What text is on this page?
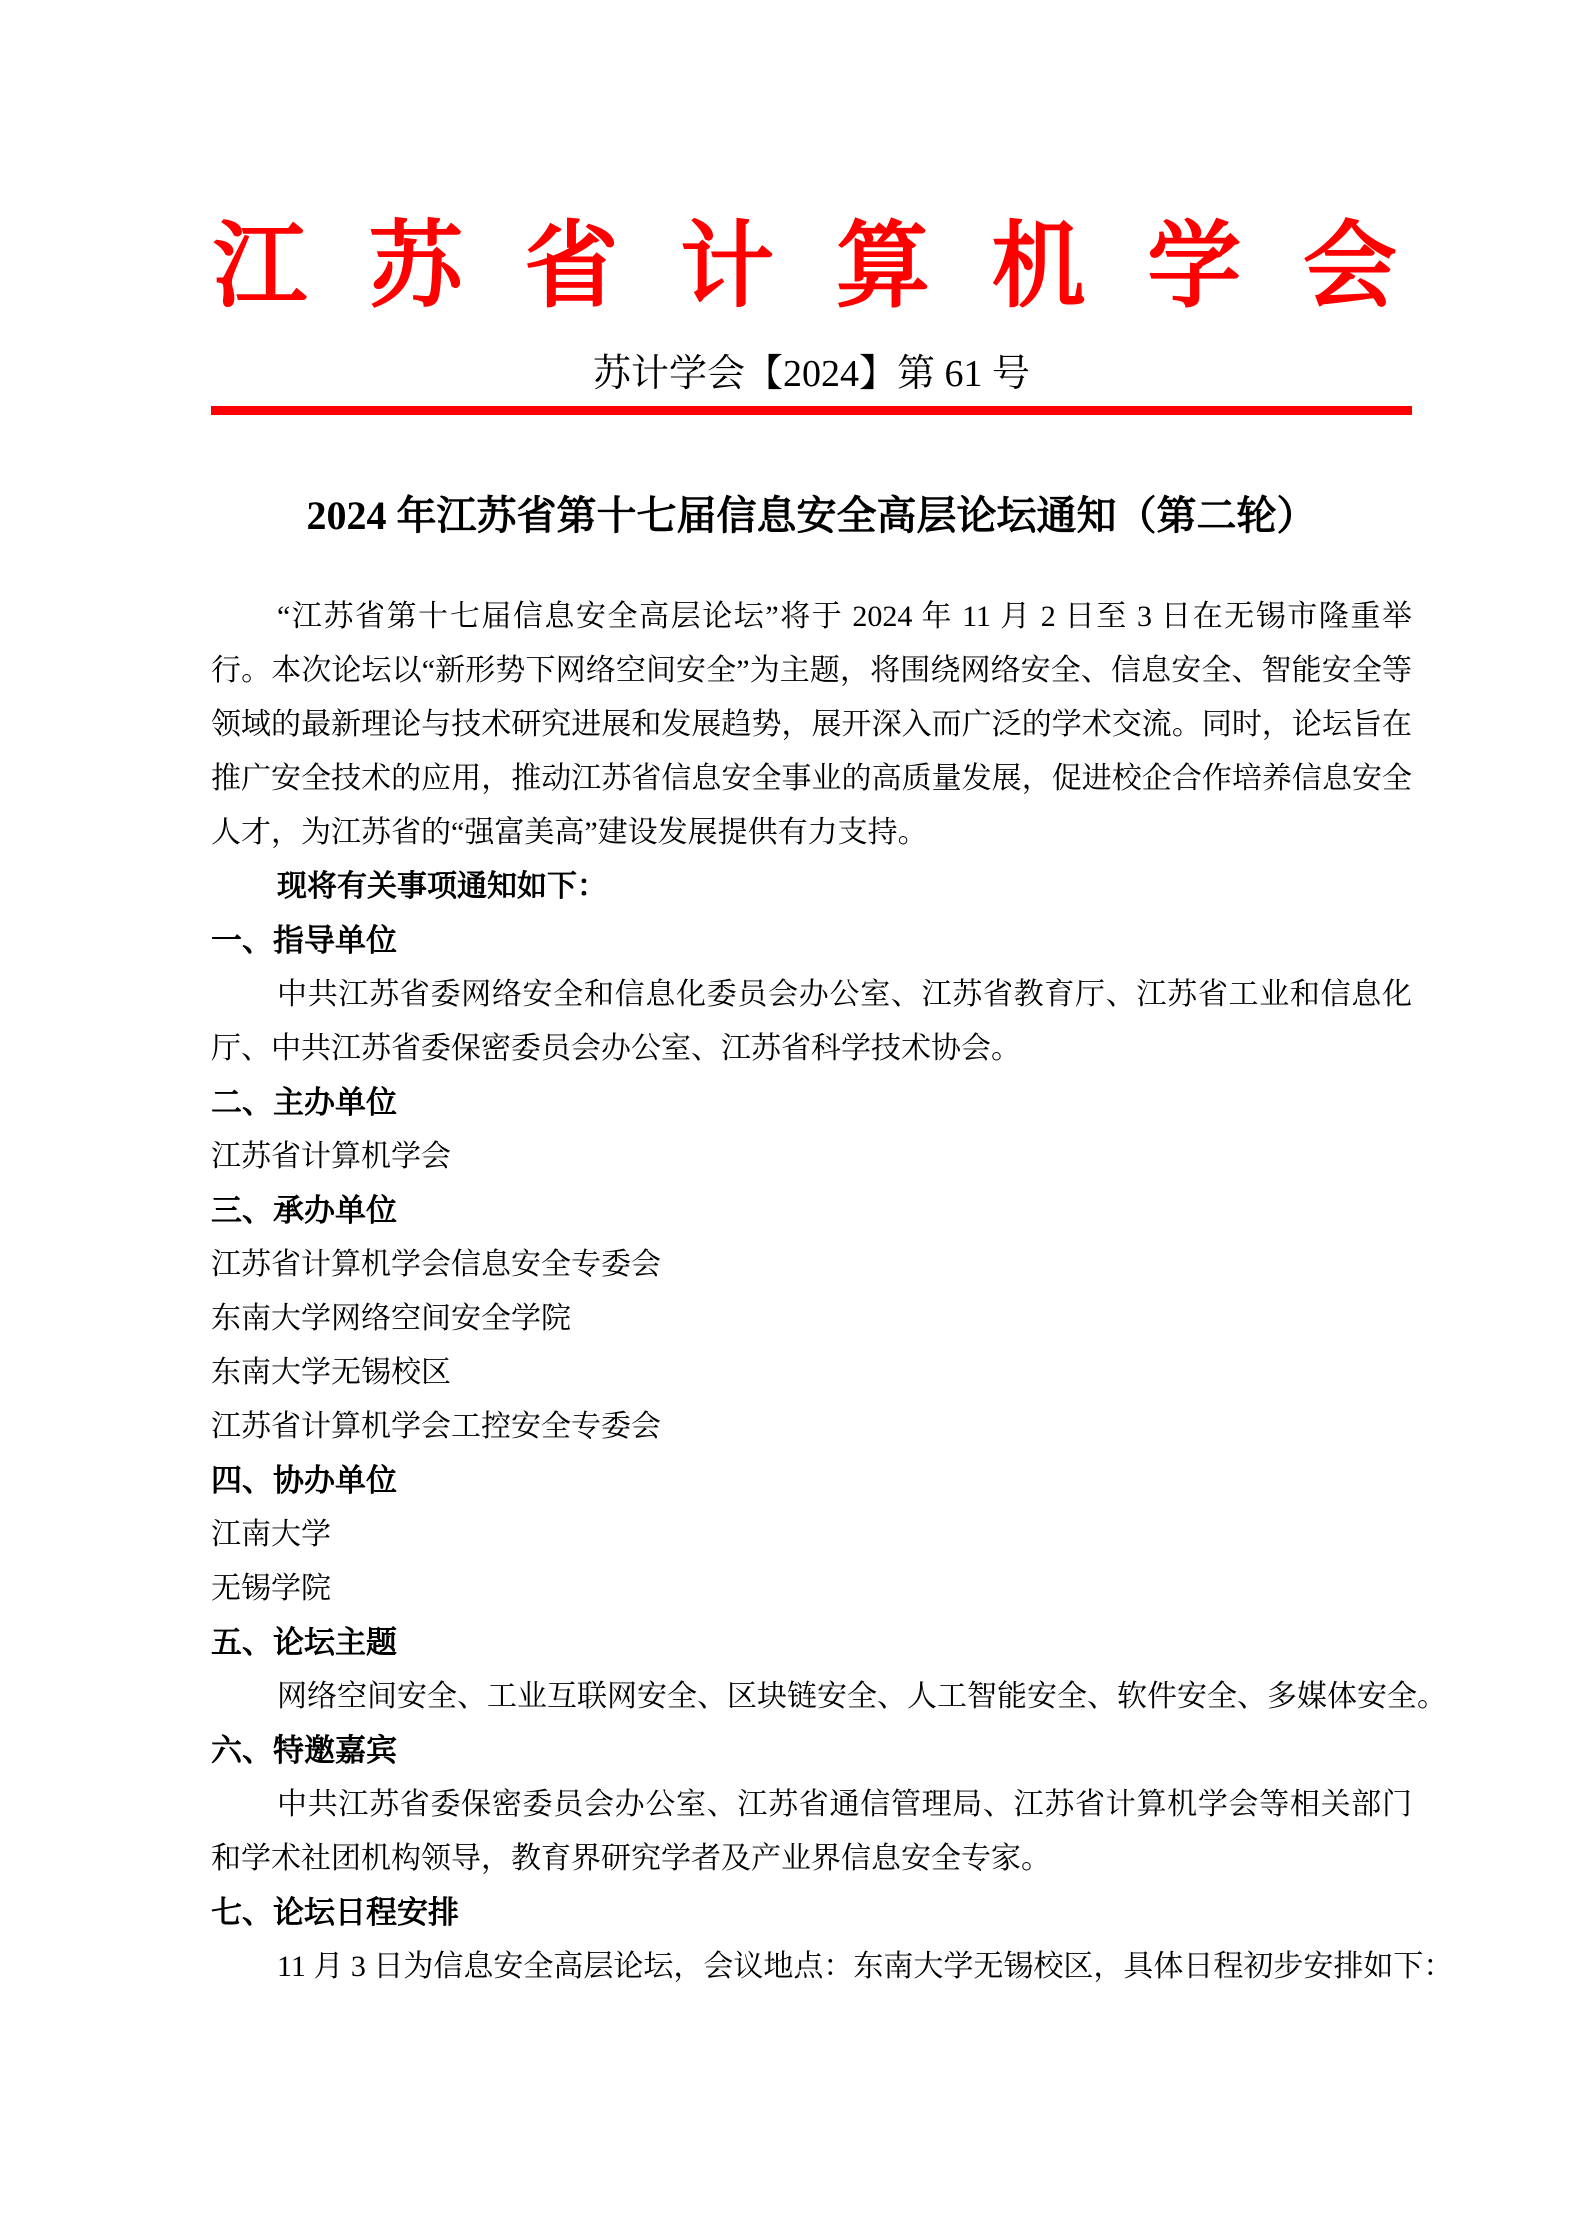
江 苏 省 计 算 机 学 会
苏计学会【2024】第 61 号
2024 年江苏省第十七届信息安全高层论坛通知（第二轮）

“江苏省第十七届信息安全高层论坛”将于 2024 年 11 月 2 日至 3 日在无锡市隆重举行。本次论坛以“新形势下网络空间安全”为主题，将围绕网络安全、信息安全、智能安全等领域的最新理论与技术研究进展和发展趋势，展开深入而广泛的学术交流。同时，论坛旨在推广安全技术的应用，推动江苏省信息安全事业的高质量发展，促进校企合作培养信息安全人才，为江苏省的“强富美高”建设发展提供有力支持。

现将有关事项通知如下：

一、指导单位

中共江苏省委网络安全和信息化委员会办公室、江苏省教育厅、江苏省工业和信息化厅、中共江苏省委保密委员会办公室、江苏省科学技术协会。

二、主办单位

江苏省计算机学会

三、承办单位

江苏省计算机学会信息安全专委会

东南大学网络空间安全学院

东南大学无锡校区

江苏省计算机学会工控安全专委会

四、协办单位

江南大学

无锡学院

五、论坛主题

网络空间安全、工业互联网安全、区块链安全、人工智能安全、软件安全、多媒体安全。

六、特邀嘉宾

中共江苏省委保密委员会办公室、江苏省通信管理局、江苏省计算机学会等相关部门和学术社团机构领导，教育界研究学者及产业界信息安全专家。

七、论坛日程安排

11 月 3 日为信息安全高层论坛，会议地点：东南大学无锡校区，具体日程初步安排如下：
